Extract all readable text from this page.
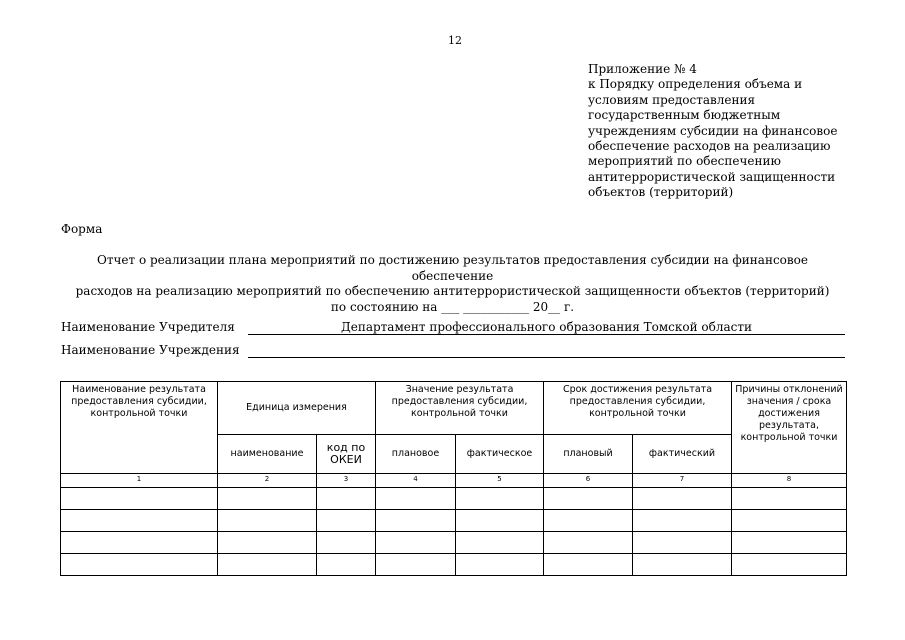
12
Приложение № 4
к Порядку определения объема и
условиям предоставления
государственным бюджетным
учреждениям субсидии на финансовое
обеспечение расходов на реализацию
мероприятий по обеспечению
антитеррористической защищенности
объектов (территорий)
Форма
Отчет о реализации плана мероприятий по достижению результатов предоставления субсидии на финансовое обеспечение
расходов на реализацию мероприятий по обеспечению антитеррористической защищенности объектов (территорий)
по состоянию на ___ ___________ 20__ г.
Наименование Учредителя	Департамент профессионального образования Томской области
Наименование Учреждения
Наименование результата предоставления субсидии, контрольной точки	Единица измерения		Значение результата предоставления субсидии, контрольной точки		Срок достижения результата предоставления субсидии, контрольной точки		Причины отклонений значения / срока достижения результата, контрольной точки
	наименование	код по ОКЕИ	плановое	фактическое	плановый	фактический	
1	2	3	4	5	6	7	8
